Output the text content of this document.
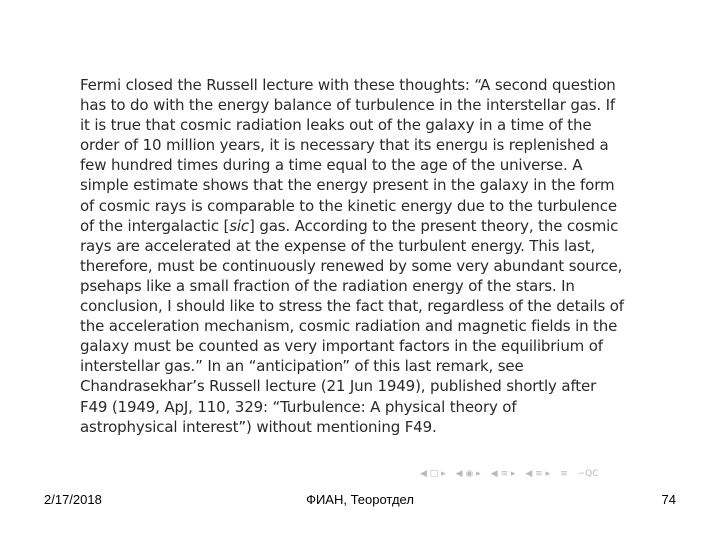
Fermi closed the Russell lecture with these thoughts: “A second question
has to do with the energy balance of turbulence in the interstellar gas. If
it is true that cosmic radiation leaks out of the galaxy in a time of the
order of 10 million years, it is necessary that its energu is replenished a
few hundred times during a time equal to the age of the universe. A
simple estimate shows that the energy present in the galaxy in the form
of cosmic rays is comparable to the kinetic energy due to the turbulence
of the intergalactic [sic] gas. According to the present theory, the cosmic
rays are accelerated at the expense of the turbulent energy. This last,
therefore, must be continuously renewed by some very abundant source,
psehaps like a small fraction of the radiation energy of the stars. In
conclusion, I should like to stress the fact that, regardless of the details of
the acceleration mechanism, cosmic radiation and magnetic fields in the
galaxy must be counted as very important factors in the equilibrium of
interstellar gas.” In an “anticipation” of this last remark, see
Chandrasekhar’s Russell lecture (21 Jun 1949), published shortly after
F49 (1949, ApJ, 110, 329: “Turbulence: A physical theory of
astrophysical interest”) without mentioning F49.
◀ □ ▸ ◀ ◉ ▸ ◀ ≡ ▸ ◀ ≡ ▸ ≡ ∽QC
2/17/2018	ФИАН, Теоротдел	74
